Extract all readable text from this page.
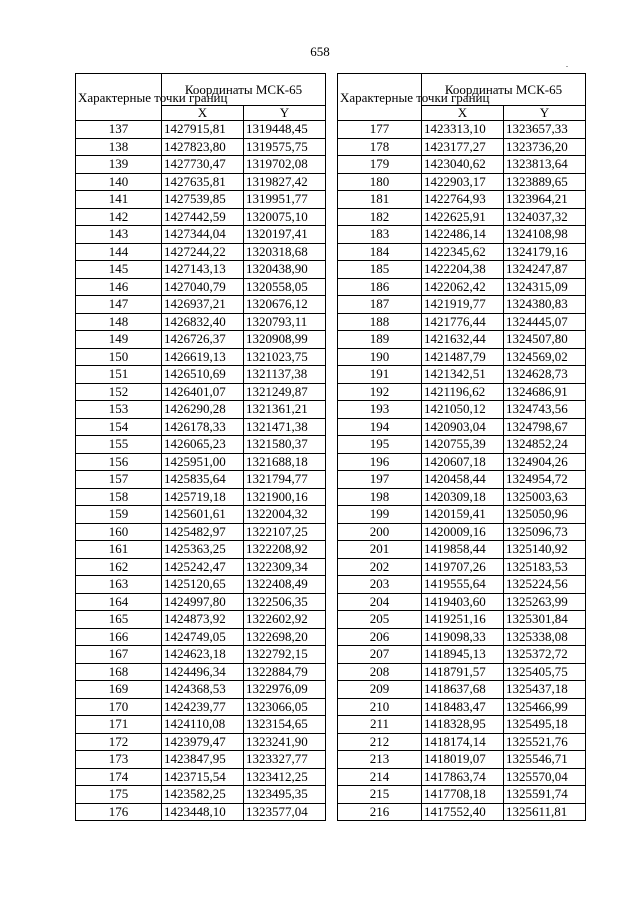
658
.
Характерные точки границ	Координаты МСК-65	
	X	Y
137	1427915,81	1319448,45
138	1427823,80	1319575,75
139	1427730,47	1319702,08
140	1427635,81	1319827,42
141	1427539,85	1319951,77
142	1427442,59	1320075,10
143	1427344,04	1320197,41
144	1427244,22	1320318,68
145	1427143,13	1320438,90
146	1427040,79	1320558,05
147	1426937,21	1320676,12
148	1426832,40	1320793,11
149	1426726,37	1320908,99
150	1426619,13	1321023,75
151	1426510,69	1321137,38
152	1426401,07	1321249,87
153	1426290,28	1321361,21
154	1426178,33	1321471,38
155	1426065,23	1321580,37
156	1425951,00	1321688,18
157	1425835,64	1321794,77
158	1425719,18	1321900,16
159	1425601,61	1322004,32
160	1425482,97	1322107,25
161	1425363,25	1322208,92
162	1425242,47	1322309,34
163	1425120,65	1322408,49
164	1424997,80	1322506,35
165	1424873,92	1322602,92
166	1424749,05	1322698,20
167	1424623,18	1322792,15
168	1424496,34	1322884,79
169	1424368,53	1322976,09
170	1424239,77	1323066,05
171	1424110,08	1323154,65
172	1423979,47	1323241,90
173	1423847,95	1323327,77
174	1423715,54	1323412,25
175	1423582,25	1323495,35
176	1423448,10	1323577,04
Характерные точки границ	Координаты МСК-65	
	X	Y
177	1423313,10	1323657,33
178	1423177,27	1323736,20
179	1423040,62	1323813,64
180	1422903,17	1323889,65
181	1422764,93	1323964,21
182	1422625,91	1324037,32
183	1422486,14	1324108,98
184	1422345,62	1324179,16
185	1422204,38	1324247,87
186	1422062,42	1324315,09
187	1421919,77	1324380,83
188	1421776,44	1324445,07
189	1421632,44	1324507,80
190	1421487,79	1324569,02
191	1421342,51	1324628,73
192	1421196,62	1324686,91
193	1421050,12	1324743,56
194	1420903,04	1324798,67
195	1420755,39	1324852,24
196	1420607,18	1324904,26
197	1420458,44	1324954,72
198	1420309,18	1325003,63
199	1420159,41	1325050,96
200	1420009,16	1325096,73
201	1419858,44	1325140,92
202	1419707,26	1325183,53
203	1419555,64	1325224,56
204	1419403,60	1325263,99
205	1419251,16	1325301,84
206	1419098,33	1325338,08
207	1418945,13	1325372,72
208	1418791,57	1325405,75
209	1418637,68	1325437,18
210	1418483,47	1325466,99
211	1418328,95	1325495,18
212	1418174,14	1325521,76
213	1418019,07	1325546,71
214	1417863,74	1325570,04
215	1417708,18	1325591,74
216	1417552,40	1325611,81
